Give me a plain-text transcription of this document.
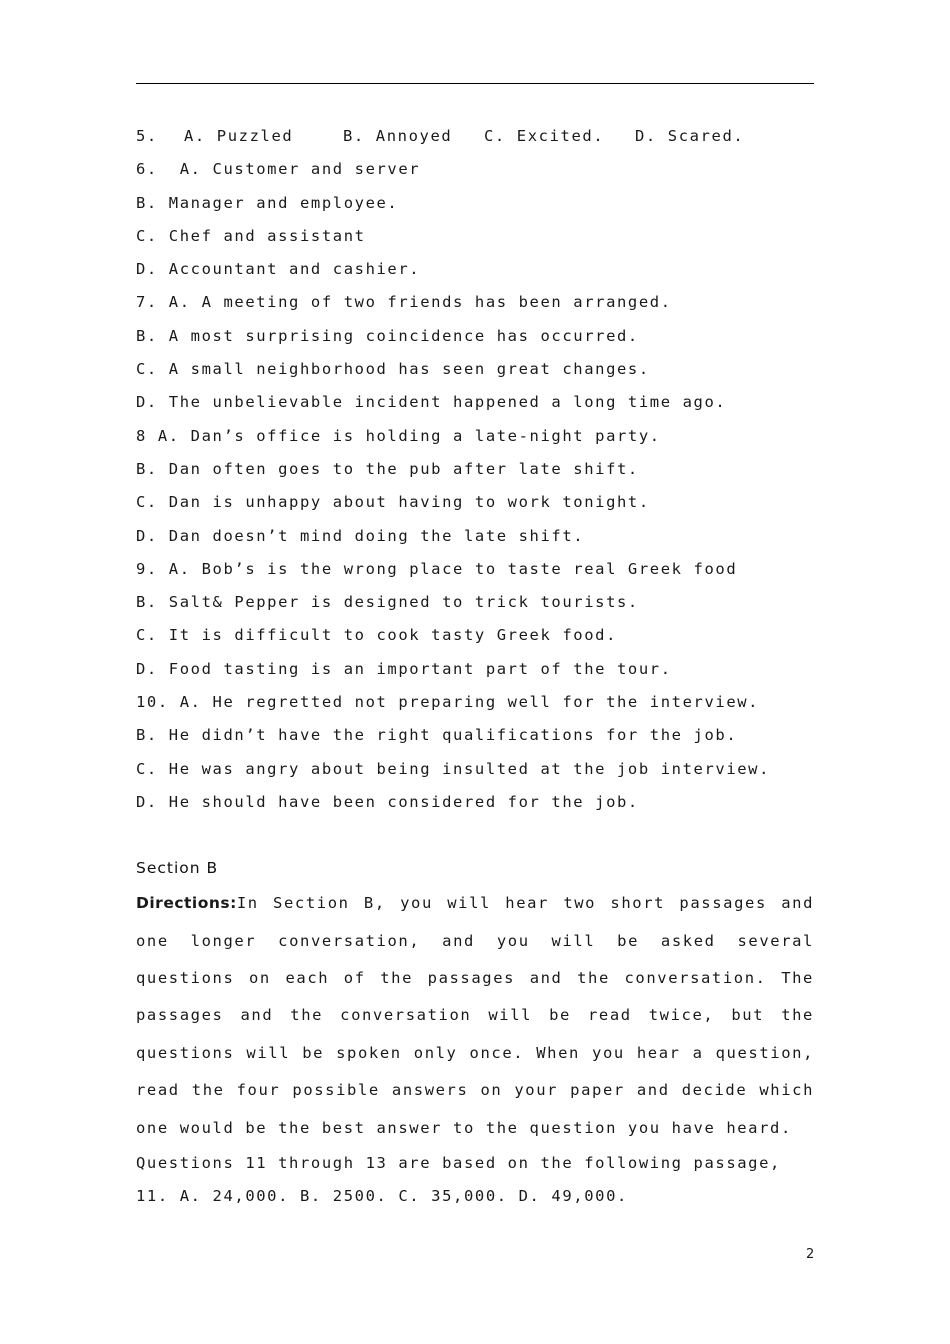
5. A. Puzzled	B. Annoyed C. Excited. D. Scared.
6.  A. Customer and server
B. Manager and employee.
C. Chef and assistant
D. Accountant and cashier.
7. A. A meeting of two friends has been arranged.
B. A most surprising coincidence has occurred.
C. A small neighborhood has seen great changes.
D. The unbelievable incident happened a long time ago.
8 A. Dan’s office is holding a late-night party.
B. Dan often goes to the pub after late shift.
C. Dan is unhappy about having to work tonight.
D. Dan doesn’t mind doing the late shift.
9. A. Bob’s is the wrong place to taste real Greek food
B. Salt& Pepper is designed to trick tourists.
C. It is difficult to cook tasty Greek food.
D. Food tasting is an important part of the tour.
10. A. He regretted not preparing well for the interview.
B. He didn’t have the right qualifications for the job.
C. He was angry about being insulted at the job interview.
D. He should have been considered for the job.
Section B
Directions:In Section B, you will hear two short passages and one longer conversation, and you will be asked several questions on each of the passages and the conversation. The passages and the conversation will be read twice, but the questions will be spoken only once. When you hear a question, read the four possible answers on your paper and decide which one would be the best answer to the question you have heard.
Questions 11 through 13 are based on the following passage,
11. A. 24,000. B. 2500. C. 35,000. D. 49,000.
2
